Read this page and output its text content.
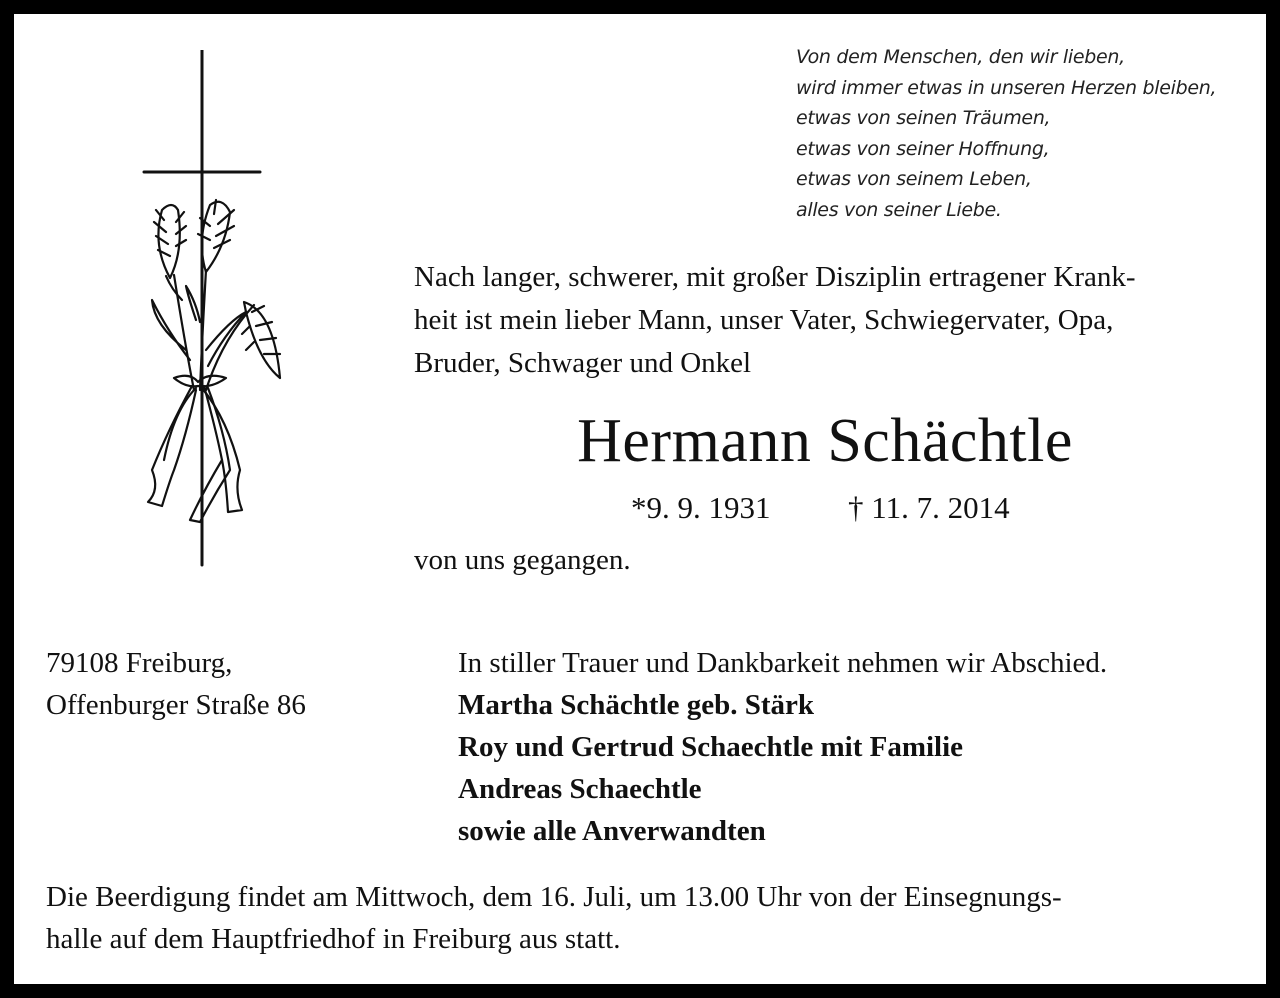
Von dem Menschen, den wir lieben,
wird immer etwas in unseren Herzen bleiben,
etwas von seinen Träumen,
etwas von seiner Hoffnung,
etwas von seinem Leben,
alles von seiner Liebe.
Nach langer, schwerer, mit großer Disziplin ertragener Krank-
heit ist mein lieber Mann, unser Vater, Schwiegervater, Opa,
Bruder, Schwager und Onkel
Hermann Schächtle
*9. 9. 1931	† 11. 7. 2014
von uns gegangen.
79108 Freiburg,
Offenburger Straße 86
In stiller Trauer und Dankbarkeit nehmen wir Abschied.
Martha Schächtle geb. Stärk
Roy und Gertrud Schaechtle mit Familie
Andreas Schaechtle
sowie alle Anverwandten
Die Beerdigung findet am Mittwoch, dem 16. Juli, um 13.00 Uhr von der Einsegnungs-
halle auf dem Hauptfriedhof in Freiburg aus statt.
